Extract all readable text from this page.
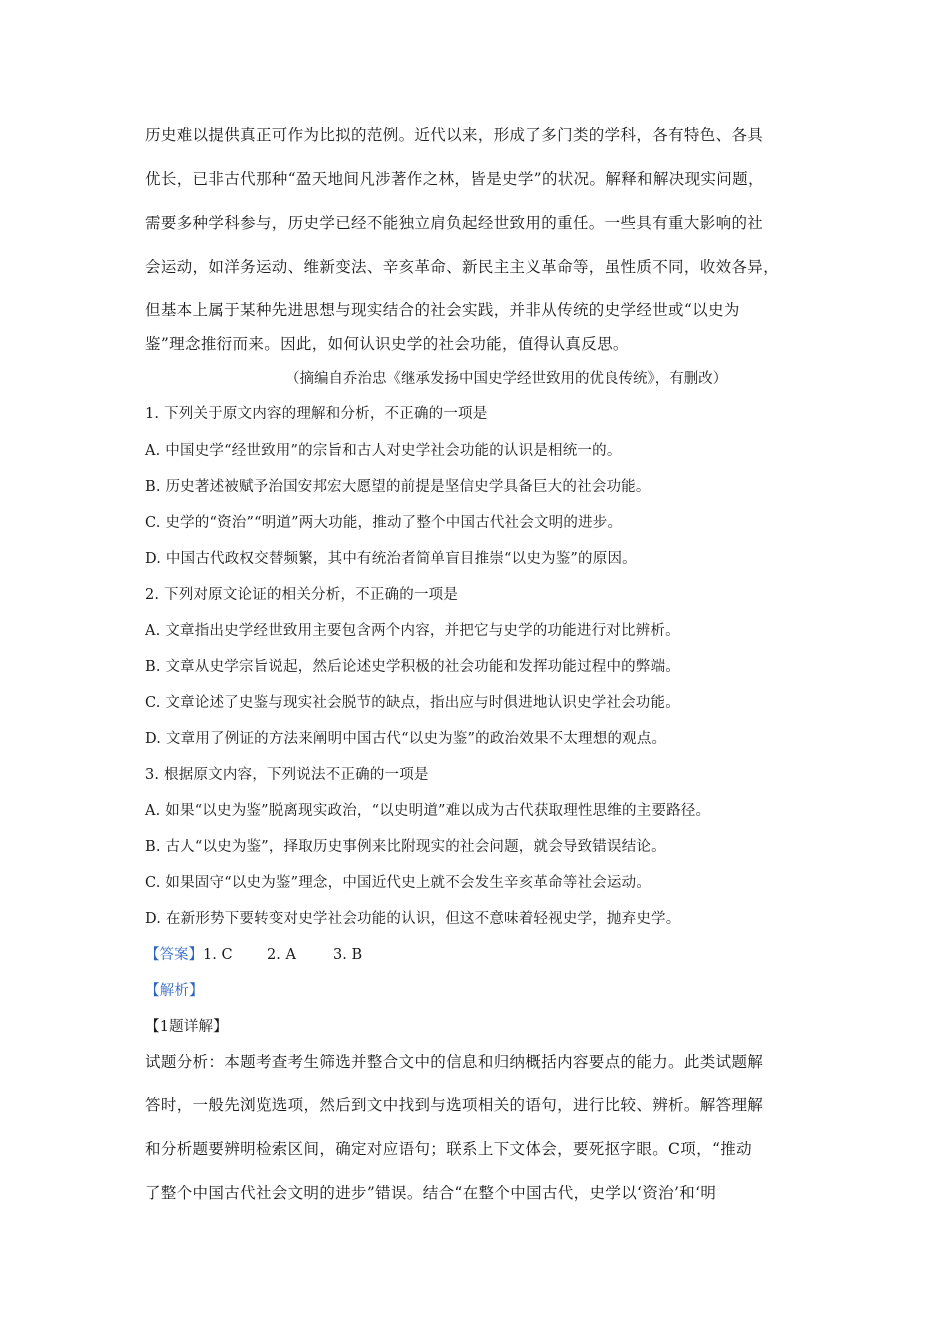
历史难以提供真正可作为比拟的范例。近代以来，形成了多门类的学科，各有特色、各具
优长，已非古代那种“盈天地间凡涉著作之林，皆是史学”的状况。解释和解决现实问题，
需要多种学科参与，历史学已经不能独立肩负起经世致用的重任。一些具有重大影响的社
会运动，如洋务运动、维新变法、辛亥革命、新民主主义革命等，虽性质不同，收效各异，
但基本上属于某种先进思想与现实结合的社会实践，并非从传统的史学经世或“以史为
鉴”理念推衍而来。因此，如何认识史学的社会功能，值得认真反思。
（摘编自乔治忠《继承发扬中国史学经世致用的优良传统》，有删改）
1. 下列关于原文内容的理解和分析，不正确的一项是
A. 中国史学“经世致用”的宗旨和古人对史学社会功能的认识是相统一的。
B. 历史著述被赋予治国安邦宏大愿望的前提是坚信史学具备巨大的社会功能。
C. 史学的“资治”“明道”两大功能，推动了整个中国古代社会文明的进步。
D. 中国古代政权交替频繁，其中有统治者简单盲目推崇“以史为鉴”的原因。
2. 下列对原文论证的相关分析，不正确的一项是
A. 文章指出史学经世致用主要包含两个内容，并把它与史学的功能进行对比辨析。
B. 文章从史学宗旨说起，然后论述史学积极的社会功能和发挥功能过程中的弊端。
C. 文章论述了史鉴与现实社会脱节的缺点，指出应与时俱进地认识史学社会功能。
D. 文章用了例证的方法来阐明中国古代“以史为鉴”的政治效果不太理想的观点。
3. 根据原文内容，下列说法不正确的一项是
A. 如果“以史为鉴”脱离现实政治，“以史明道”难以成为古代获取理性思维的主要路径。
B. 古人“以史为鉴”，择取历史事例来比附现实的社会问题，就会导致错误结论。
C. 如果固守“以史为鉴”理念，中国近代史上就不会发生辛亥革命等社会运动。
D. 在新形势下要转变对史学社会功能的认识，但这不意味着轻视史学，抛弃史学。
【答案】1. C 2. A	3. B
【解析】
【1题详解】
试题分析：本题考查考生筛选并整合文中的信息和归纳概括内容要点的能力。此类试题解
答时，一般先浏览选项，然后到文中找到与选项相关的语句，进行比较、辨析。解答理解
和分析题要辨明检索区间，确定对应语句；联系上下文体会，要死抠字眼。C项，“推动
了整个中国古代社会文明的进步”错误。结合“在整个中国古代，史学以‘资治’和‘明
